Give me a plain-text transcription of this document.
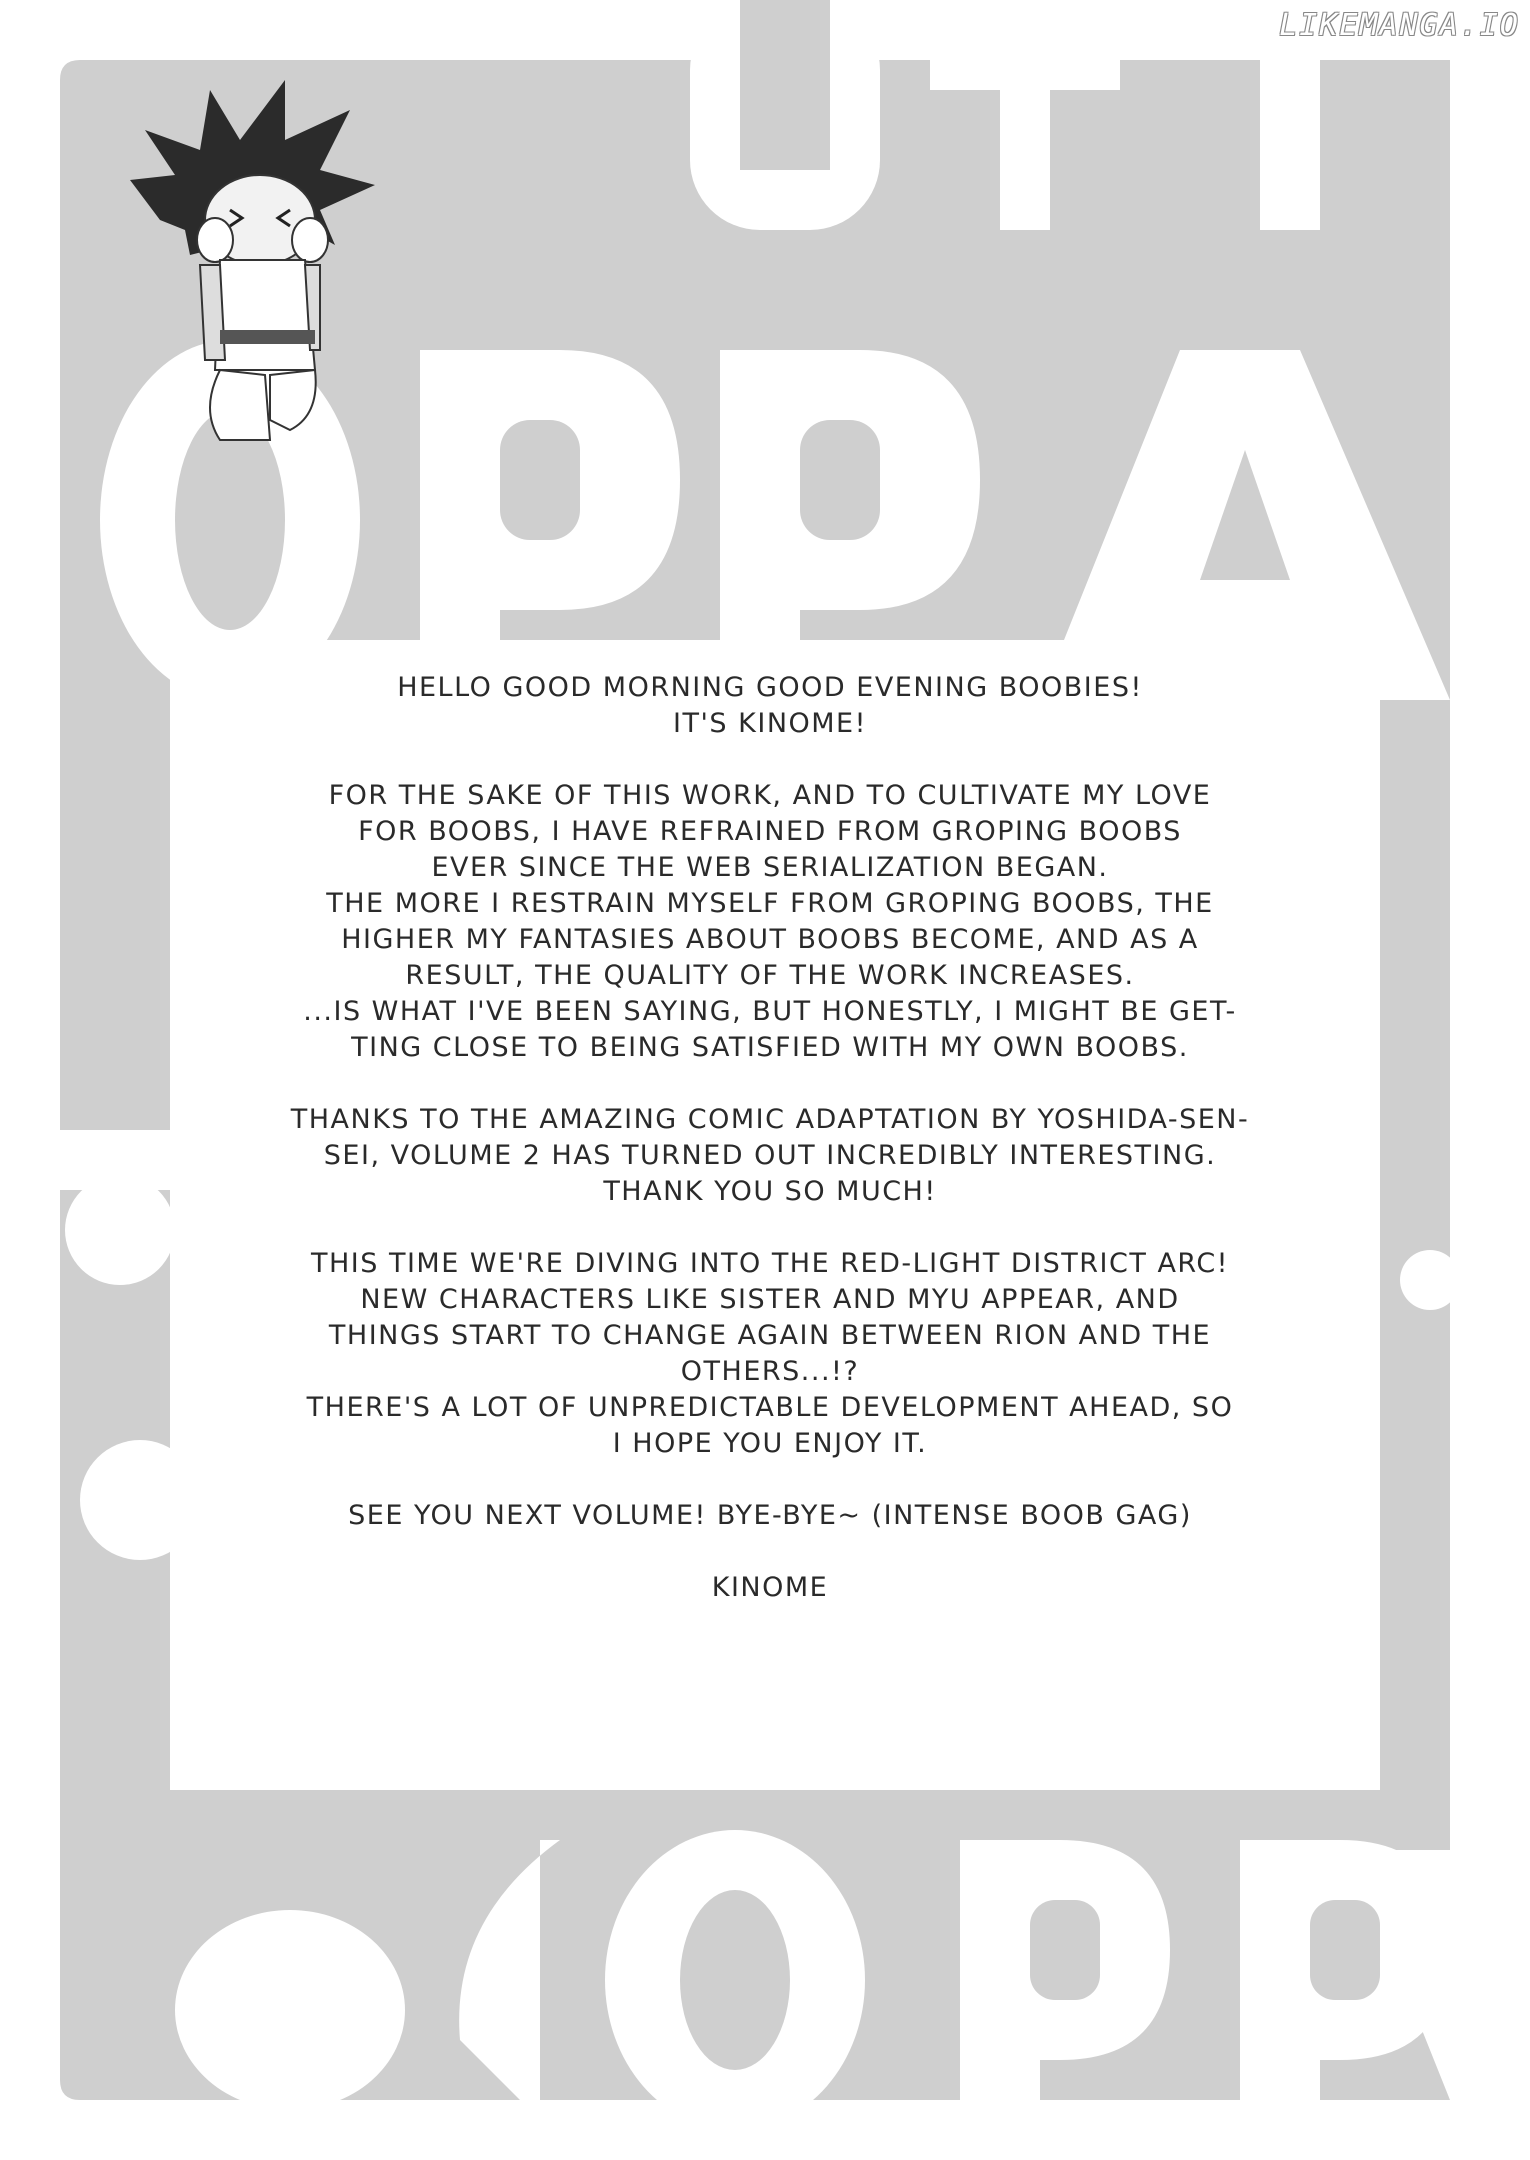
LIKEMANGA.IO
HELLO GOOD MORNING GOOD EVENING BOOBIES!
IT'S KINOME!
FOR THE SAKE OF THIS WORK, AND TO CULTIVATE MY LOVE
FOR BOOBS, I HAVE REFRAINED FROM GROPING BOOBS
EVER SINCE THE WEB SERIALIZATION BEGAN.
THE MORE I RESTRAIN MYSELF FROM GROPING BOOBS, THE
HIGHER MY FANTASIES ABOUT BOOBS BECOME, AND AS A
RESULT, THE QUALITY OF THE WORK INCREASES.
...IS WHAT I'VE BEEN SAYING, BUT HONESTLY, I MIGHT BE GET-
TING CLOSE TO BEING SATISFIED WITH MY OWN BOOBS.
THANKS TO THE AMAZING COMIC ADAPTATION BY YOSHIDA-SEN-
SEI, VOLUME 2 HAS TURNED OUT INCREDIBLY INTERESTING.
THANK YOU SO MUCH!
THIS TIME WE'RE DIVING INTO THE RED-LIGHT DISTRICT ARC!
NEW CHARACTERS LIKE SISTER AND MYU APPEAR, AND
THINGS START TO CHANGE AGAIN BETWEEN RION AND THE
OTHERS...!?
THERE'S A LOT OF UNPREDICTABLE DEVELOPMENT AHEAD, SO
I HOPE YOU ENJOY IT.
SEE YOU NEXT VOLUME! BYE-BYE~ (INTENSE BOOB GAG)
KINOME
